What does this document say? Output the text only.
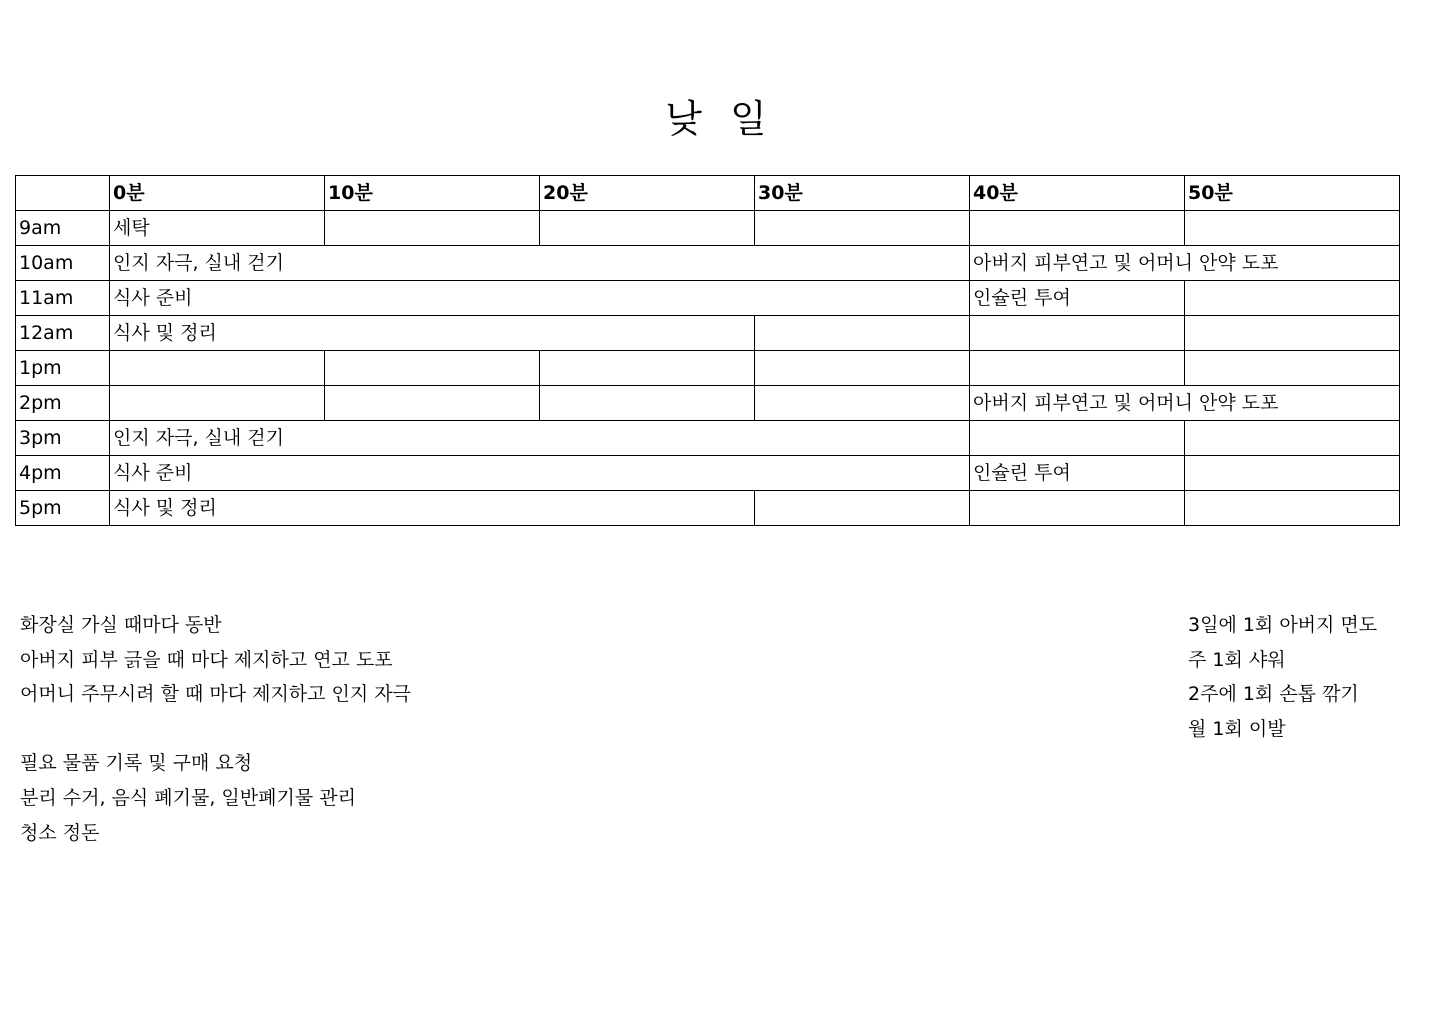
낮 일
	0분	10분	20분	30분	40분	50분
9am	세탁					
10am	인지 자극, 실내 걷기				아버지 피부연고 및 어머니 안약 도포	
11am	식사 준비				인슐린 투여	
12am	식사 및 정리					
1pm						
2pm					아버지 피부연고 및 어머니 안약 도포	
3pm	인지 자극, 실내 걷기					
4pm	식사 준비				인슐린 투여	
5pm	식사 및 정리					
화장실 가실 때마다 동반
아버지 피부 긁을 때 마다 제지하고 연고 도포
어머니 주무시려 할 때 마다 제지하고 인지 자극
필요 물품 기록 및 구매 요청
분리 수거, 음식 폐기물, 일반폐기물 관리
청소 정돈
3일에 1회 아버지 면도
주 1회 샤워
2주에 1회 손톱 깎기
월 1회 이발
